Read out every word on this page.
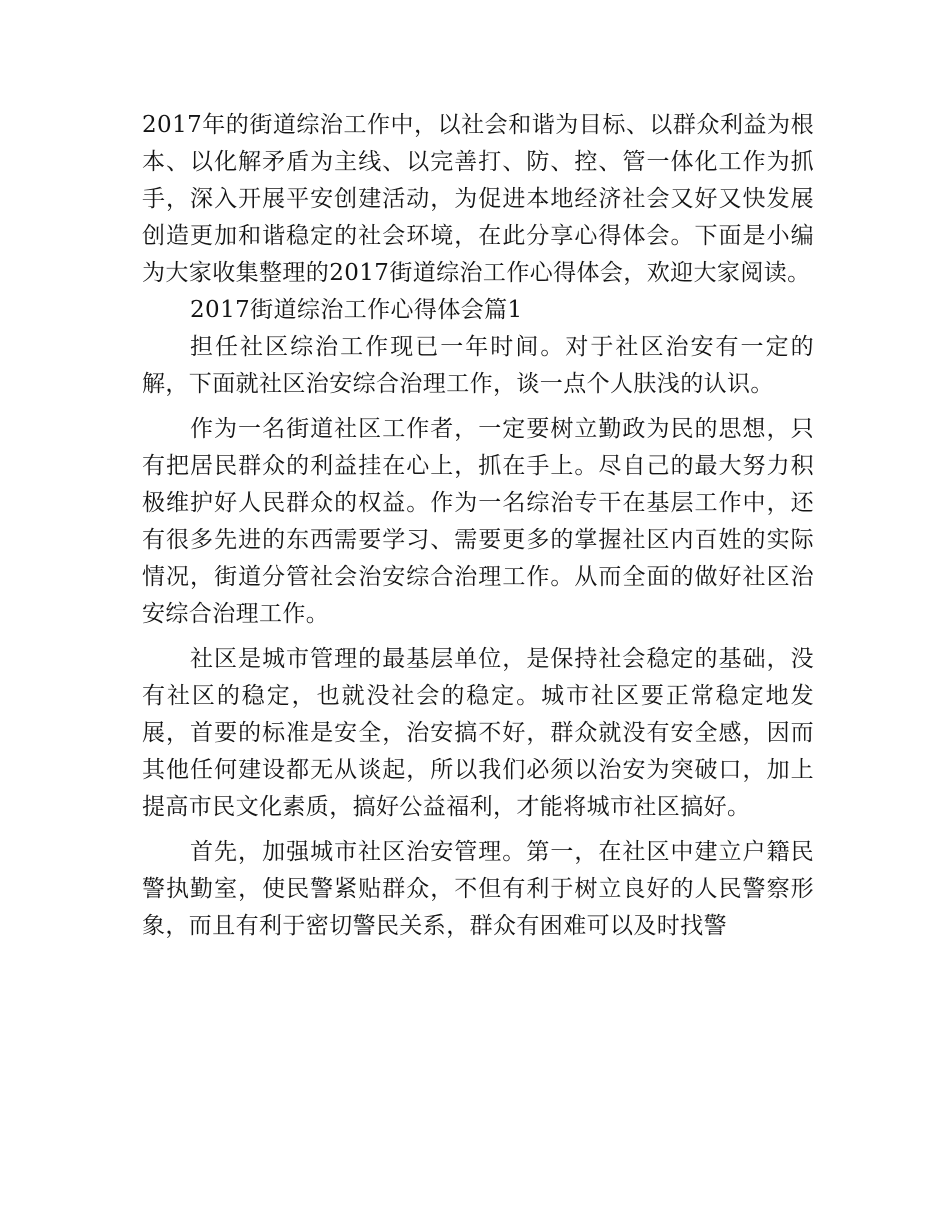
2017年的街道综治工作中，以社会和谐为目标、以群众利益为根本、以化解矛盾为主线、以完善打、防、控、管一体化工作为抓手，深入开展平安创建活动，为促进本地经济社会又好又快发展创造更加和谐稳定的社会环境，在此分享心得体会。下面是小编为大家收集整理的2017街道综治工作心得体会，欢迎大家阅读。

2017街道综治工作心得体会篇1

担任社区综治工作现已一年时间。对于社区治安有一定的解，下面就社区治安综合治理工作，谈一点个人肤浅的认识。

作为一名街道社区工作者，一定要树立勤政为民的思想，只有把居民群众的利益挂在心上，抓在手上。尽自己的最大努力积极维护好人民群众的权益。作为一名综治专干在基层工作中，还有很多先进的东西需要学习、需要更多的掌握社区内百姓的实际情况，街道分管社会治安综合治理工作。从而全面的做好社区治安综合治理工作。

社区是城市管理的最基层单位，是保持社会稳定的基础，没有社区的稳定，也就没社会的稳定。城市社区要正常稳定地发展，首要的标准是安全，治安搞不好，群众就没有安全感，因而其他任何建设都无从谈起，所以我们必须以治安为突破口，加上提高市民文化素质，搞好公益福利，才能将城市社区搞好。

首先，加强城市社区治安管理。第一，在社区中建立户籍民警执勤室，使民警紧贴群众，不但有利于树立良好的人民警察形象，而且有利于密切警民关系，群众有困难可以及时找警
